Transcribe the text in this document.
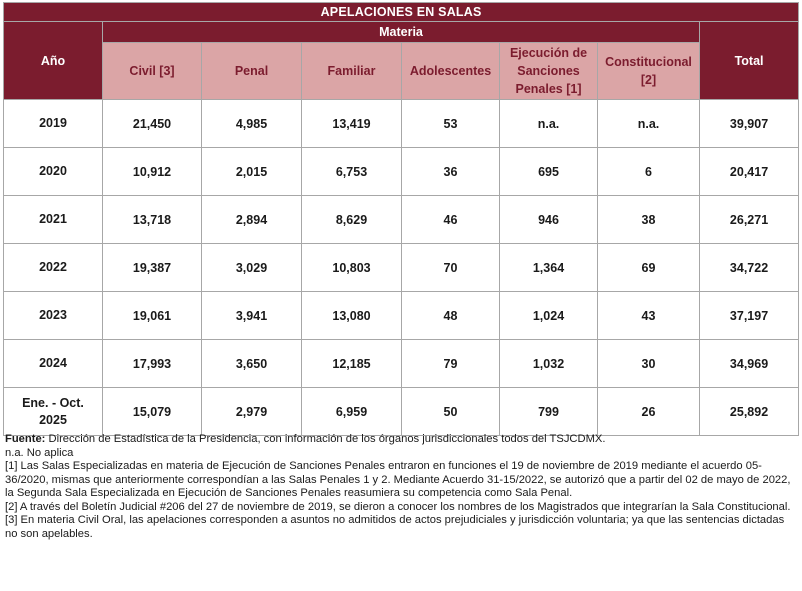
APELACIONES EN SALAS							
Año	Materia						Total
	Civil [3]	Penal	Familiar	Adolescentes	Ejecución de Sanciones Penales [1]	Constitucional [2]	
2019	21,450	4,985	13,419	53	n.a.	n.a.	39,907
2020	10,912	2,015	6,753	36	695	6	20,417
2021	13,718	2,894	8,629	46	946	38	26,271
2022	19,387	3,029	10,803	70	1,364	69	34,722
2023	19,061	3,941	13,080	48	1,024	43	37,197
2024	17,993	3,650	12,185	79	1,032	30	34,969
Ene. - Oct. 2025	15,079	2,979	6,959	50	799	26	25,892

Fuente: Dirección de Estadística de la Presidencia, con información de los órganos jurisdiccionales todos del TSJCDMX.

n.a. No aplica

[1] Las Salas Especializadas en materia de Ejecución de Sanciones Penales entraron en funciones el 19 de noviembre de 2019 mediante el acuerdo 05-36/2020, mismas que anteriormente correspondían a las Salas Penales 1 y 2. Mediante Acuerdo 31-15/2022, se autorizó que a partir del 02 de mayo de 2022, la Segunda Sala Especializada en Ejecución de Sanciones Penales reasumiera su competencia como Sala Penal.

[2] A través del Boletín Judicial #206 del 27 de noviembre de 2019, se dieron a conocer los nombres de los Magistrados que integrarían la Sala Constitucional.

[3] En materia Civil Oral, las apelaciones corresponden a asuntos no admitidos de actos prejudiciales y jurisdicción voluntaria; ya que las sentencias dictadas no son apelables.
